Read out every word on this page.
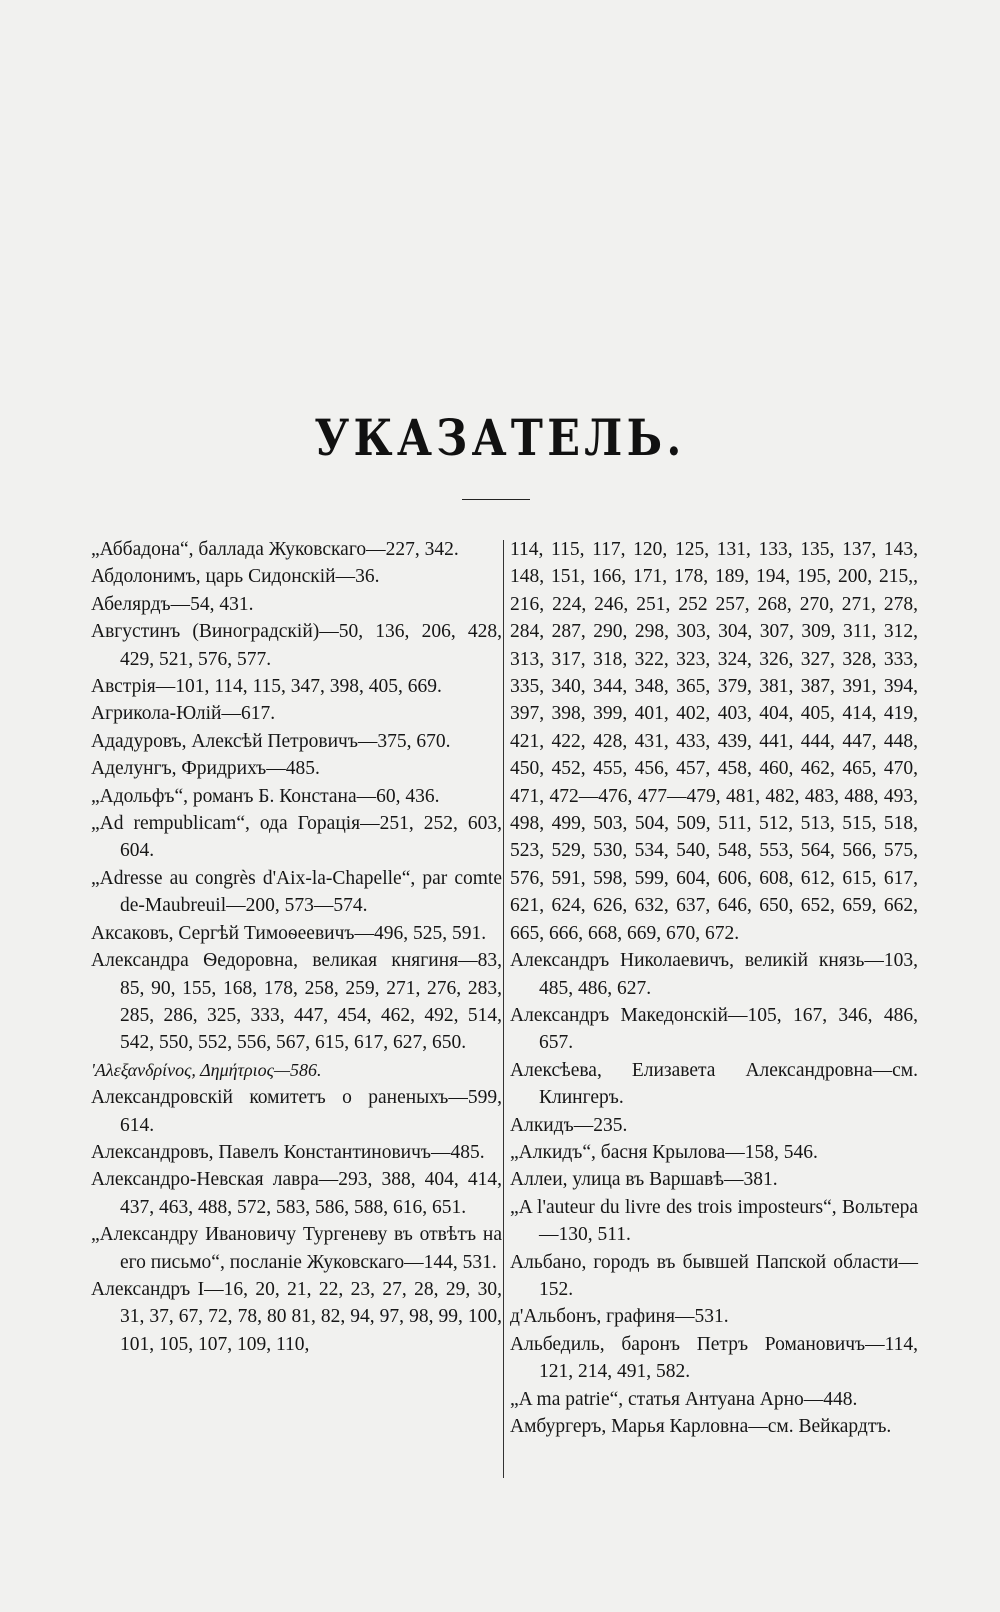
УКАЗАТЕЛЬ.
„Аббадона“, баллада Жуковскаго—227, 342.
Абдолонимъ, царь Сидонскій—36.
Абелярдъ—54, 431.
Августинъ (Виноградскій)—50, 136, 206, 428, 429, 521, 576, 577.
Австрія—101, 114, 115, 347, 398, 405, 669.
Агрикола-Юлій—617.
Ададуровъ, Алексѣй Петровичъ—375, 670.
Аделунгъ, Фридрихъ—485.
„Адольфъ“, романъ Б. Констана—60, 436.
„Ad rempublicam“, ода Горація—251, 252, 603, 604.
„Adresse au congrès d'Aix-la-Chapelle“, par comte de-Maubreuil—200, 573—574.
Аксаковъ, Сергѣй Тимоѳеевичъ—496, 525, 591.
Александра Ѳедоровна, великая княгиня—83, 85, 90, 155, 168, 178, 258, 259, 271, 276, 283, 285, 286, 325, 333, 447, 454, 462, 492, 514, 542, 550, 552, 556, 567, 615, 617, 627, 650.
'Αλεξανδρίνος, Δημήτριος—586.
Александровскій комитетъ о раненыхъ—599, 614.
Александровъ, Павелъ Константиновичъ—485.
Александро-Невская лавра—293, 388, 404, 414, 437, 463, 488, 572, 583, 586, 588, 616, 651.
„Александру Ивановичу Тургеневу въ отвѣтъ на его письмо“, посланіе Жуковскаго—144, 531.
Александръ I—16, 20, 21, 22, 23, 27, 28, 29, 30, 31, 37, 67, 72, 78, 80 81, 82, 94, 97, 98, 99, 100, 101, 105, 107, 109, 110,
114, 115, 117, 120, 125, 131, 133, 135, 137, 143, 148, 151, 166, 171, 178, 189, 194, 195, 200, 215,, 216, 224, 246, 251, 252 257, 268, 270, 271, 278, 284, 287, 290, 298, 303, 304, 307, 309, 311, 312, 313, 317, 318, 322, 323, 324, 326, 327, 328, 333, 335, 340, 344, 348, 365, 379, 381, 387, 391, 394, 397, 398, 399, 401, 402, 403, 404, 405, 414, 419, 421, 422, 428, 431, 433, 439, 441, 444, 447, 448, 450, 452, 455, 456, 457, 458, 460, 462, 465, 470, 471, 472—476, 477—479, 481, 482, 483, 488, 493, 498, 499, 503, 504, 509, 511, 512, 513, 515, 518, 523, 529, 530, 534, 540, 548, 553, 564, 566, 575, 576, 591, 598, 599, 604, 606, 608, 612, 615, 617, 621, 624, 626, 632, 637, 646, 650, 652, 659, 662, 665, 666, 668, 669, 670, 672.
Александръ Николаевичъ, великій князь—103, 485, 486, 627.
Александръ Македонскій—105, 167, 346, 486, 657.
Алексѣева, Елизавета Александровна—см. Клингеръ.
Алкидъ—235.
„Алкидъ“, басня Крылова—158, 546.
Аллеи, улица въ Варшавѣ—381.
„A l'auteur du livre des trois imposteurs“, Вольтера—130, 511.
Альбано, городъ въ бывшей Папской области—152.
д'Альбонъ, графиня—531.
Альбедиль, баронъ Петръ Романовичъ—114, 121, 214, 491, 582.
„A ma patrie“, статья Антуана Арно—448.
Амбургеръ, Марья Карловна—см. Вейкардтъ.
